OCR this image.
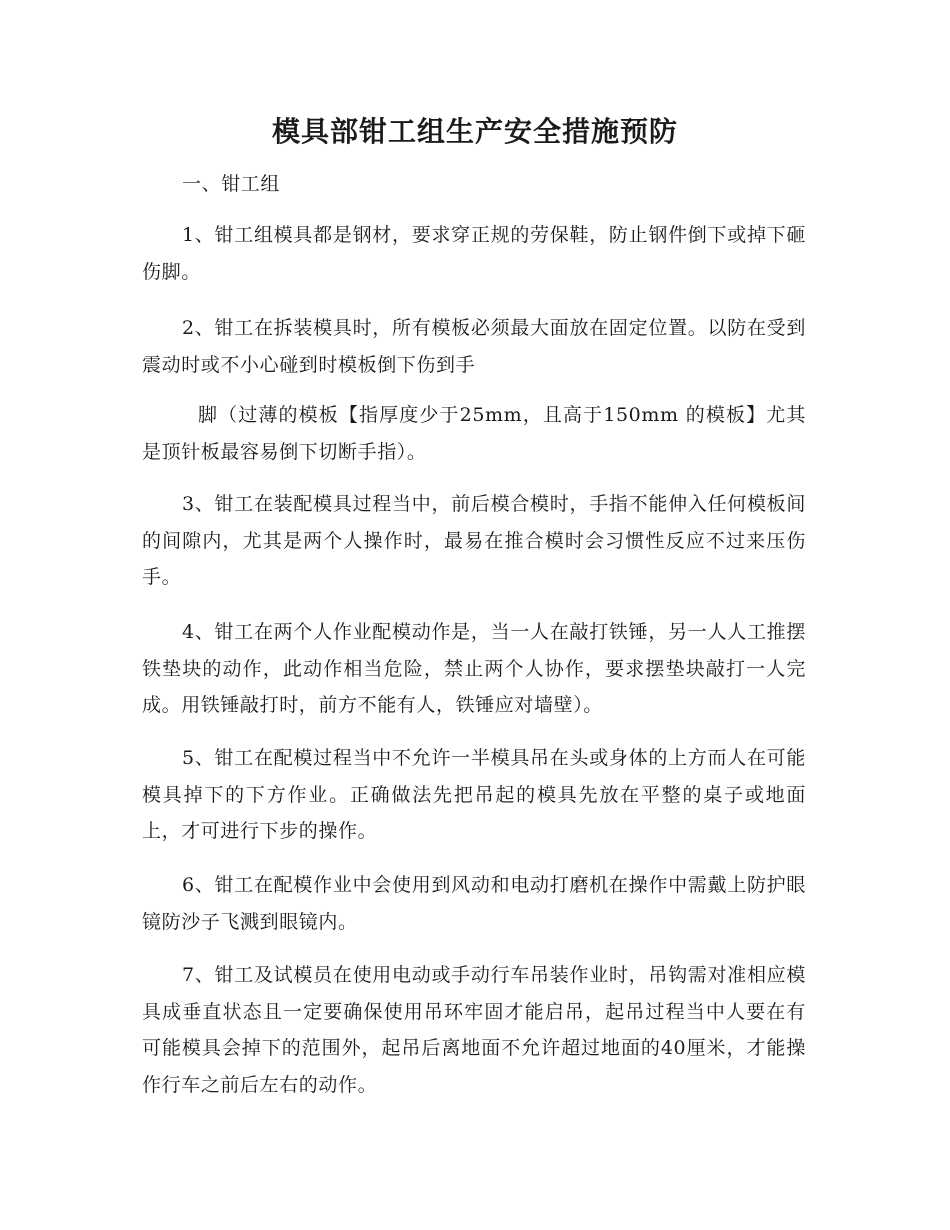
模具部钳工组生产安全措施预防

一、钳工组

1、钳工组模具都是钢材，要求穿正规的劳保鞋，防止钢件倒下或掉下砸伤脚。

2、钳工在拆装模具时，所有模板必须最大面放在固定位置。以防在受到震动时或不小心碰到时模板倒下伤到手

脚（过薄的模板【指厚度少于25mm，且高于150mm 的模板】尤其是顶针板最容易倒下切断手指）。

3、钳工在装配模具过程当中，前后模合模时，手指不能伸入任何模板间的间隙内，尤其是两个人操作时，最易在推合模时会习惯性反应不过来压伤手。

4、钳工在两个人作业配模动作是，当一人在敲打铁锤，另一人人工推摆铁垫块的动作，此动作相当危险，禁止两个人协作，要求摆垫块敲打一人完成。用铁锤敲打时，前方不能有人，铁锤应对墙壁）。

5、钳工在配模过程当中不允许一半模具吊在头或身体的上方而人在可能模具掉下的下方作业。正确做法先把吊起的模具先放在平整的桌子或地面上，才可进行下步的操作。

6、钳工在配模作业中会使用到风动和电动打磨机在操作中需戴上防护眼镜防沙子飞溅到眼镜内。

7、钳工及试模员在使用电动或手动行车吊装作业时，吊钩需对准相应模具成垂直状态且一定要确保使用吊环牢固才能启吊，起吊过程当中人要在有可能模具会掉下的范围外，起吊后离地面不允许超过地面的40厘米，才能操作行车之前后左右的动作。
